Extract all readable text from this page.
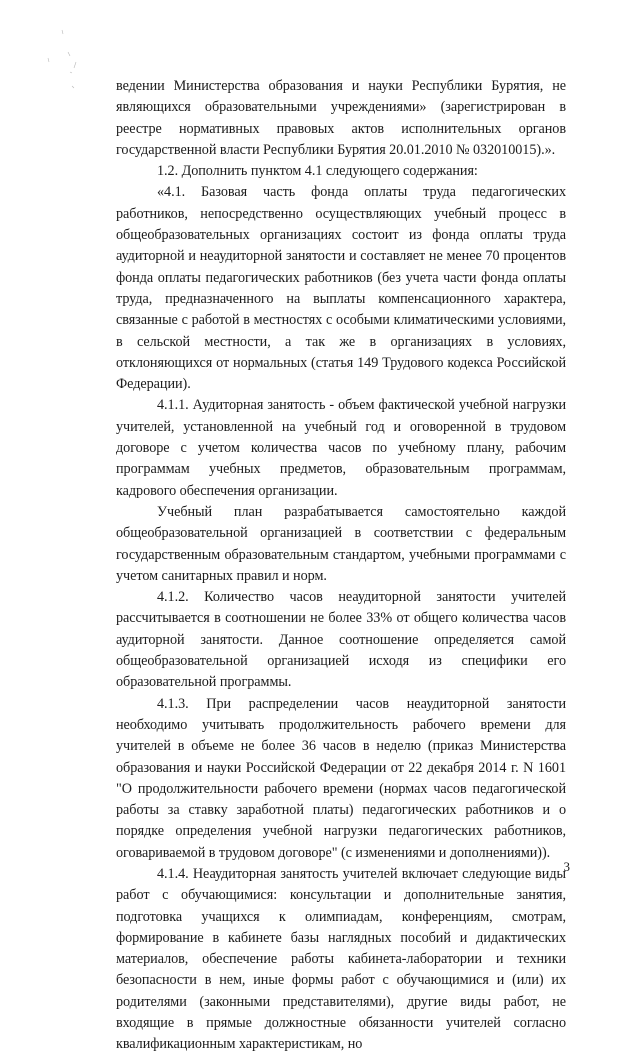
ведении Министерства образования и науки Республики Бурятия, не являющихся образовательными учреждениями» (зарегистрирован в реестре нормативных правовых актов исполнительных органов государственной власти Республики Бурятия 20.01.2010 № 032010015).».

1.2. Дополнить пунктом 4.1 следующего содержания:

«4.1. Базовая часть фонда оплаты труда педагогических работников, непосредственно осуществляющих учебный процесс в общеобразовательных организациях состоит из фонда оплаты труда аудиторной и неаудиторной занятости и составляет не менее 70 процентов фонда оплаты педагогических работников (без учета части фонда оплаты труда, предназначенного на выплаты компенсационного характера, связанные с работой в местностях с особыми климатическими условиями, в сельской местности, а так же в организациях в условиях, отклоняющихся от нормальных (статья 149 Трудового кодекса Российской Федерации).

4.1.1. Аудиторная занятость - объем фактической учебной нагрузки учителей, установленной на учебный год и оговоренной в трудовом договоре с учетом количества часов по учебному плану, рабочим программам учебных предметов, образовательным программам, кадрового обеспечения организации.

Учебный план разрабатывается самостоятельно каждой общеобразовательной организацией в соответствии с федеральным государственным образовательным стандартом, учебными программами с учетом санитарных правил и норм.

4.1.2. Количество часов неаудиторной занятости учителей рассчитывается в соотношении не более 33% от общего количества часов аудиторной занятости. Данное соотношение определяется самой общеобразовательной организацией исходя из специфики его образовательной программы.

4.1.3. При распределении часов неаудиторной занятости необходимо учитывать продолжительность рабочего времени для учителей в объеме не более 36 часов в неделю (приказ Министерства образования и науки Российской Федерации от 22 декабря 2014 г. N 1601 "О продолжительности рабочего времени (нормах часов педагогической работы за ставку заработной платы) педагогических работников и о порядке определения учебной нагрузки педагогических работников, оговариваемой в трудовом договоре" (с изменениями и дополнениями)).

4.1.4. Неаудиторная занятость учителей включает следующие виды работ с обучающимися: консультации и дополнительные занятия, подготовка учащихся к олимпиадам, конференциям, смотрам, формирование в кабинете базы наглядных пособий и дидактических материалов, обеспечение работы кабинета-лаборатории и техники безопасности в нем, иные формы работ с обучающимися и (или) их родителями (законными представителями), другие виды работ, не входящие в прямые должностные обязанности учителей согласно квалификационным характеристикам, но

3
